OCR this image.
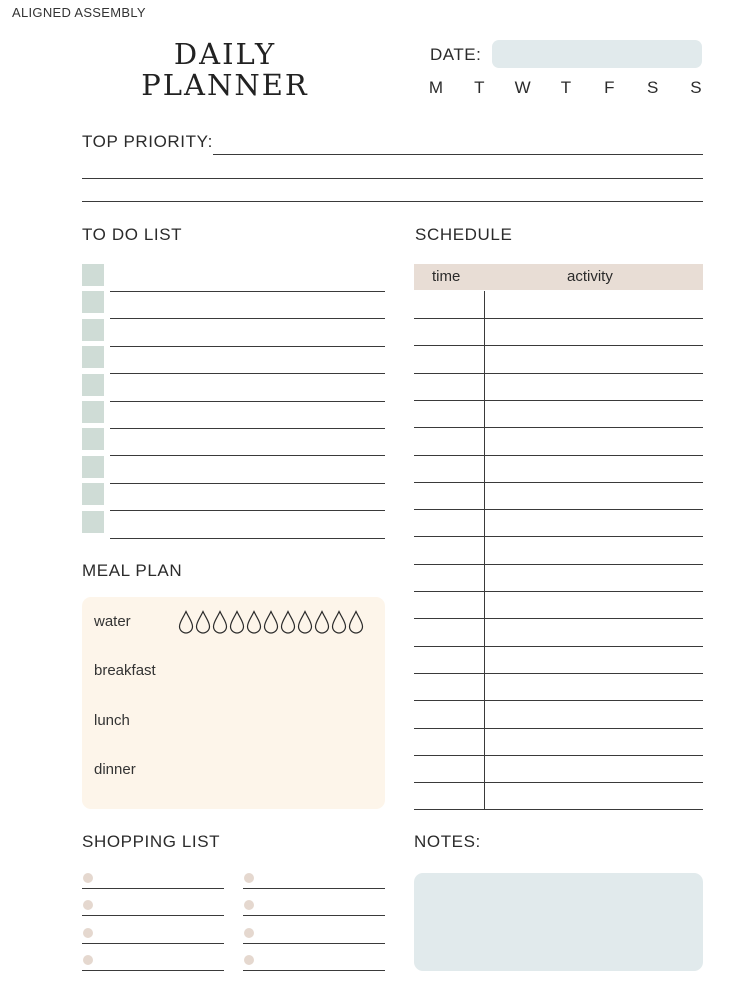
ALIGNED ASSEMBLY
DAILY
PLANNER
DATE:
M T W T F S S
TOP PRIORITY:
TO DO LIST	SCHEDULE
time	activity
MEAL PLAN
water
breakfast
lunch
dinner
SHOPPING LIST	NOTES:
